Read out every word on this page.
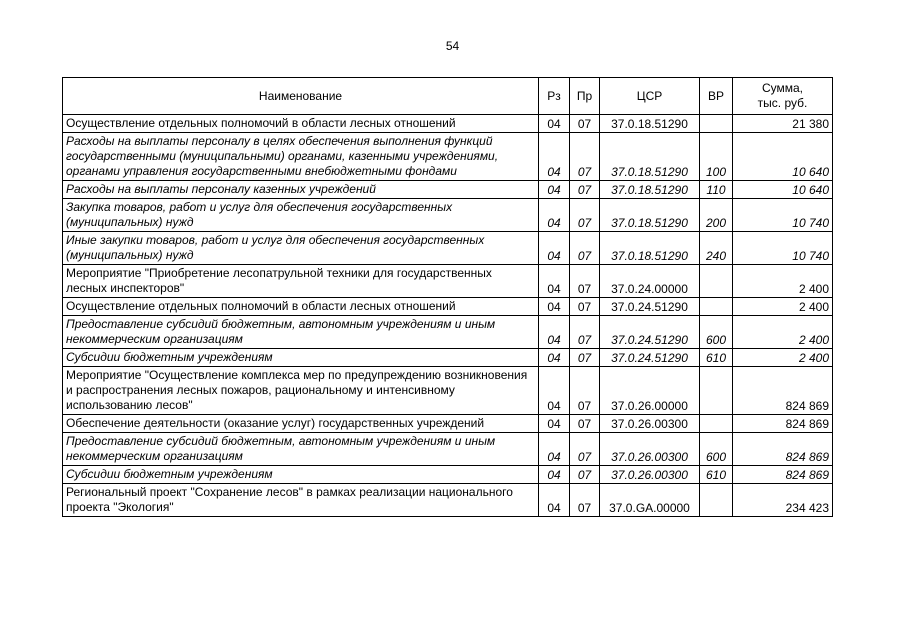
54
Наименование	Рз	Пр	ЦСР	ВР	Сумма,
тыс. руб.

Осуществление отдельных полномочий в области лесных отношений	04	07	37.0.18.51290		21 380
Расходы на выплаты персоналу в целях обеспечения выполнения функций государственными (муниципальными) органами, казенными учреждениями, органами управления государственными внебюджетными фондами	04	07	37.0.18.51290	100	10 640
Расходы на выплаты персоналу казенных учреждений	04	07	37.0.18.51290	110	10 640
Закупка товаров, работ и услуг для обеспечения государственных (муниципальных) нужд	04	07	37.0.18.51290	200	10 740
Иные закупки товаров, работ и услуг для обеспечения государственных (муниципальных) нужд	04	07	37.0.18.51290	240	10 740
Мероприятие "Приобретение лесопатрульной техники для государственных лесных инспекторов"	04	07	37.0.24.00000		2 400
Осуществление отдельных полномочий в области лесных отношений	04	07	37.0.24.51290		2 400
Предоставление субсидий бюджетным, автономным учреждениям и иным некоммерческим организациям	04	07	37.0.24.51290	600	2 400
Субсидии бюджетным учреждениям	04	07	37.0.24.51290	610	2 400
Мероприятие "Осуществление комплекса мер по предупреждению возникновения и распространения лесных пожаров, рациональному и интенсивному использованию лесов"	04	07	37.0.26.00000		824 869
Обеспечение деятельности (оказание услуг) государственных учреждений	04	07	37.0.26.00300		824 869
Предоставление субсидий бюджетным, автономным учреждениям и иным некоммерческим организациям	04	07	37.0.26.00300	600	824 869
Субсидии бюджетным учреждениям	04	07	37.0.26.00300	610	824 869
Региональный проект "Сохранение лесов" в рамках реализации национального проекта "Экология"	04	07	37.0.GA.00000		234 423
